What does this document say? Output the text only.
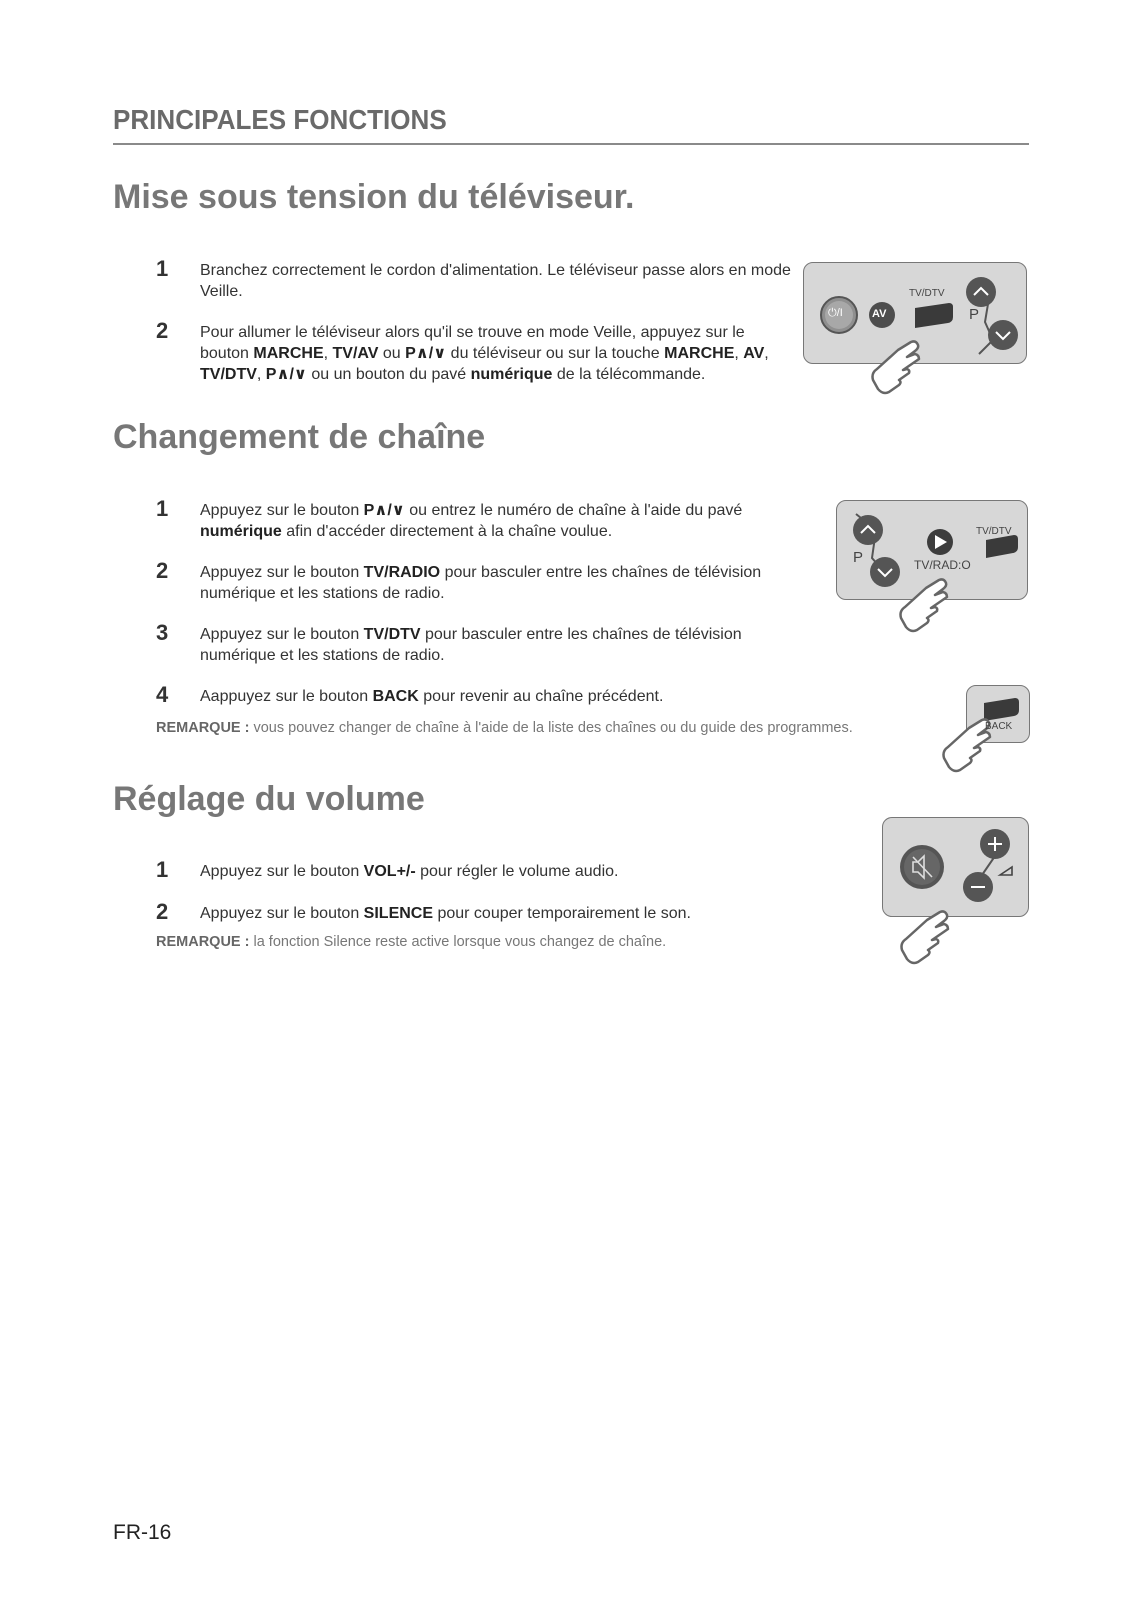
PRINCIPALES FONCTIONS
Mise sous tension du téléviseur.
1 Branchez correctement le cordon d'alimentation. Le téléviseur passe alors en mode Veille.
2 Pour allumer le téléviseur alors qu'il se trouve en mode Veille, appuyez sur le bouton MARCHE, TV/AV ou P∧/∨ du téléviseur ou sur la touche MARCHE, AV, TV/DTV, P∧/∨ ou un bouton du pavé numérique de la télécommande.
⏻/I	AV
TV/DTV
P
Changement de chaîne
1 Appuyez sur le bouton P∧/∨ ou entrez le numéro de chaîne à l'aide du pavé numérique afin d'accéder directement à la chaîne voulue.
2 Appuyez sur le bouton TV/RADIO pour basculer entre les chaînes de télévision numérique et les stations de radio.
3 Appuyez sur le bouton TV/DTV pour basculer entre les chaînes de télévision numérique et les stations de radio.
4 Aappuyez sur le bouton BACK pour revenir au chaîne précédent.
REMARQUE : vous pouvez changer de chaîne à l'aide de la liste des chaînes ou du guide des programmes.
P	TV/RAD:O
TV/DTV
BACK
Réglage du volume
1 Appuyez sur le bouton VOL+/- pour régler le volume audio.
2 Appuyez sur le bouton SILENCE pour couper temporairement le son.
REMARQUE : la fonction Silence reste active lorsque vous changez de chaîne.
FR-16
